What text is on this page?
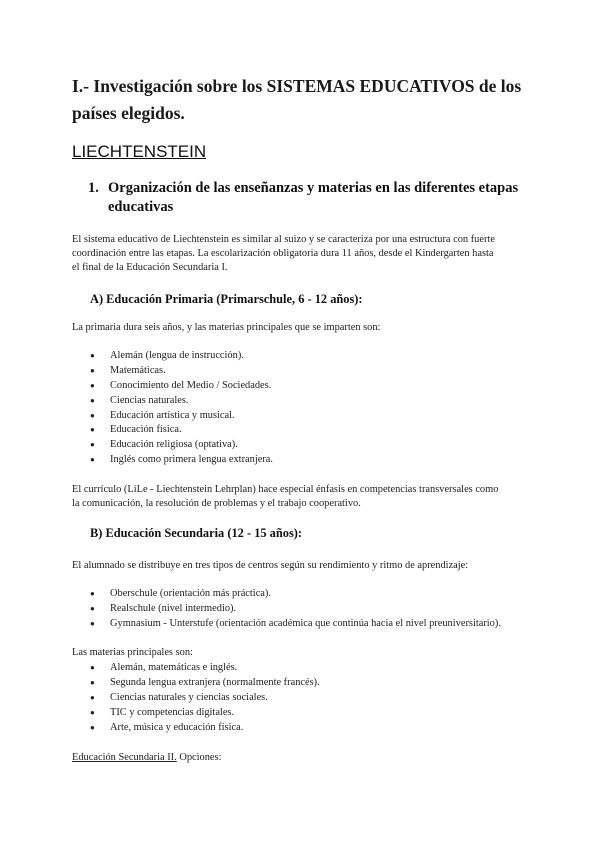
I.- Investigación sobre los SISTEMAS EDUCATIVOS de los
países elegidos.
LIECHTENSTEIN
1. Organización de las enseñanzas y materias en las diferentes etapas
educativas
El sistema educativo de Liechtenstein es similar al suizo y se caracteriza por una estructura con fuerte
coordinación entre las etapas. La escolarización obligatoria dura 11 años, desde el Kindergarten hasta
el final de la Educación Secundaria I.
A) Educación Primaria (Primarschule, 6 - 12 años):
La primaria dura seis años, y las materias principales que se imparten son:
● Alemán (lengua de instrucción).
● Matemáticas.
● Conocimiento del Medio / Sociedades.
● Ciencias naturales.
● Educación artística y musical.
● Educación física.
● Educación religiosa (optativa).
● Inglés como primera lengua extranjera.
El currículo (LiLe - Liechtenstein Lehrplan) hace especial énfasis en competencias transversales como
la comunicación, la resolución de problemas y el trabajo cooperativo.
B) Educación Secundaria (12 - 15 años):
El alumnado se distribuye en tres tipos de centros según su rendimiento y ritmo de aprendizaje:
● Oberschule (orientación más práctica).
● Realschule (nivel intermedio).
● Gymnasium - Unterstufe (orientación académica que continúa hacia el nivel preuniversitario).
Las materias principales son:
● Alemán, matemáticas e inglés.
● Segunda lengua extranjera (normalmente francés).
● Ciencias naturales y ciencias sociales.
● TIC y competencias digitales.
● Arte, música y educación física.
Educación Secundaria II. Opciones:
